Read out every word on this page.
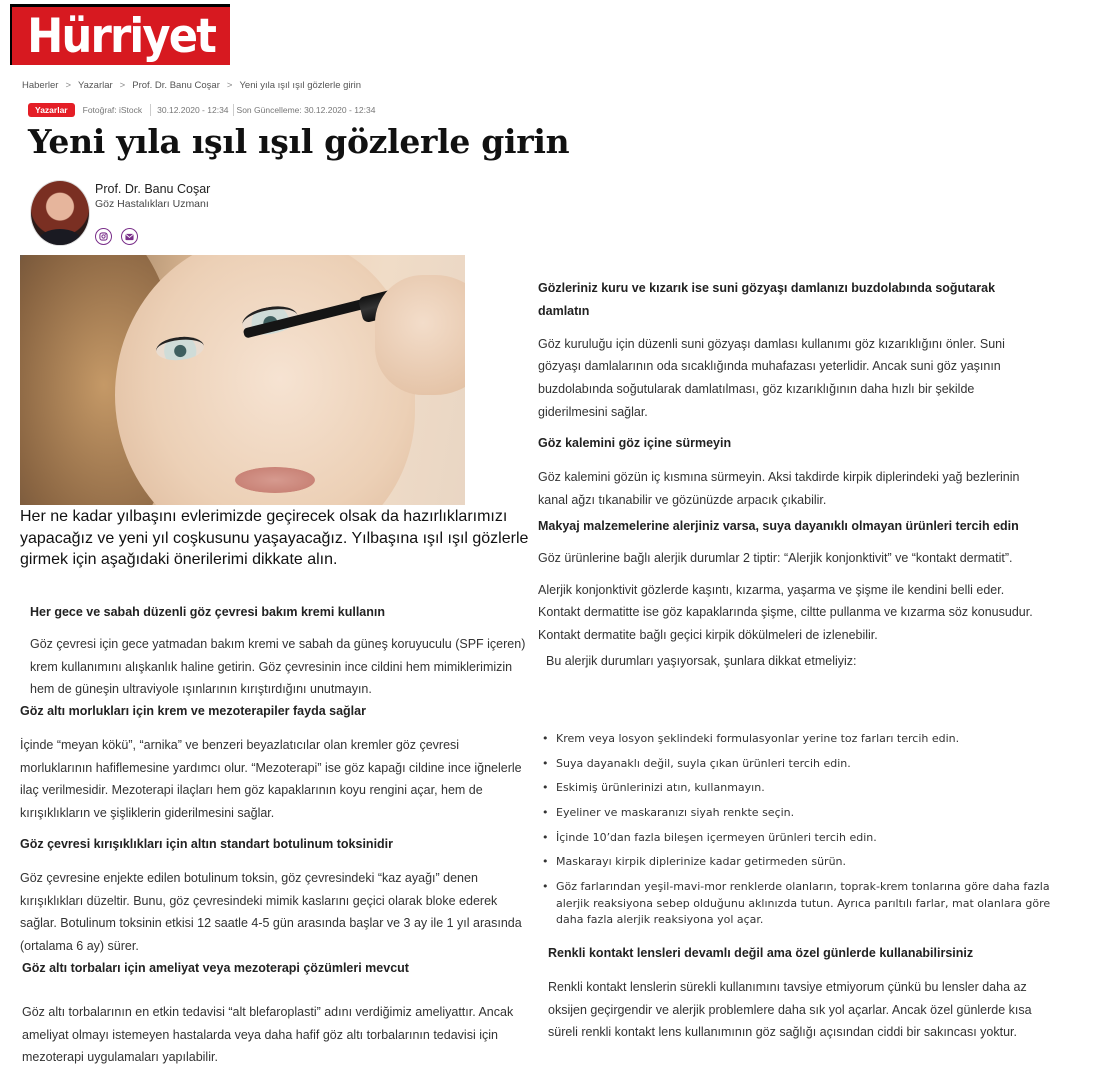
Hürriyet
Haberler > Yazarlar > Prof. Dr. Banu Coşar > Yeni yıla ışıl ışıl gözlerle girin
Yazarlar	Fotoğraf: iStock 30.12.2020 - 12:34 Son Güncelleme: 30.12.2020 - 12:34
Yeni yıla ışıl ışıl gözlerle girin
Prof. Dr. Banu Coşar
Göz Hastalıkları Uzmanı

Her ne kadar yılbaşını evlerimizde geçirecek olsak da hazırlıklarımızı yapacağız ve yeni yıl coşkusunu yaşayacağız. Yılbaşına ışıl ışıl gözlerle girmek için aşağıdaki önerilerimi dikkate alın.

Her gece ve sabah düzenli göz çevresi bakım kremi kullanın

Göz çevresi için gece yatmadan bakım kremi ve sabah da güneş koruyuculu (SPF içeren) krem kullanımını alışkanlık haline getirin. Göz çevresinin ince cildini hem mimiklerimizin hem de güneşin ultraviyole ışınlarının kırıştırdığını unutmayın.

Göz altı morlukları için krem ve mezoterapiler fayda sağlar

İçinde “meyan kökü”, “arnika” ve benzeri beyazlatıcılar olan kremler göz çevresi morluklarının hafiflemesine yardımcı olur. “Mezoterapi” ise göz kapağı cildine ince iğnelerle ilaç verilmesidir. Mezoterapi ilaçları hem göz kapaklarının koyu rengini açar, hem de kırışıklıkların ve şişliklerin giderilmesini sağlar.

Göz çevresi kırışıklıkları için altın standart botulinum toksinidir

Göz çevresine enjekte edilen botulinum toksin, göz çevresindeki “kaz ayağı” denen kırışıklıkları düzeltir. Bunu, göz çevresindeki mimik kaslarını geçici olarak bloke ederek sağlar. Botulinum toksinin etkisi 12 saatle 4-5 gün arasında başlar ve 3 ay ile 1 yıl arasında (ortalama 6 ay) sürer.

Göz altı torbaları için ameliyat veya mezoterapi çözümleri mevcut

Göz altı torbalarının en etkin tedavisi “alt blefaroplasti” adını verdiğimiz ameliyattır. Ancak ameliyat olmayı istemeyen hastalarda veya daha hafif göz altı torbalarının tedavisi için mezoterapi uygulamaları yapılabilir.

Gözleriniz kuru ve kızarık ise suni gözyaşı damlanızı buzdolabında soğutarak damlatın

Göz kuruluğu için düzenli suni gözyaşı damlası kullanımı göz kızarıklığını önler. Suni gözyaşı damlalarının oda sıcaklığında muhafazası yeterlidir. Ancak suni göz yaşının buzdolabında soğutularak damlatılması, göz kızarıklığının daha hızlı bir şekilde giderilmesini sağlar.

Göz kalemini göz içine sürmeyin

Göz kalemini gözün iç kısmına sürmeyin. Aksi takdirde kirpik diplerindeki yağ bezlerinin kanal ağzı tıkanabilir ve gözünüzde arpacık çıkabilir.

Makyaj malzemelerine alerjiniz varsa, suya dayanıklı olmayan ürünleri tercih edin

Göz ürünlerine bağlı alerjik durumlar 2 tiptir: “Alerjik konjonktivit” ve “kontakt dermatit”.

Alerjik konjonktivit gözlerde kaşıntı, kızarma, yaşarma ve şişme ile kendini belli eder. Kontakt dermatitte ise göz kapaklarında şişme, ciltte pullanma ve kızarma söz konusudur. Kontakt dermatite bağlı geçici kirpik dökülmeleri de izlenebilir.

Bu alerjik durumları yaşıyorsak, şunlara dikkat etmeliyiz:

• Krem veya losyon şeklindeki formulasyonlar yerine toz farları tercih edin.
• Suya dayanaklı değil, suyla çıkan ürünleri tercih edin.
• Eskimiş ürünlerinizi atın, kullanmayın.
• Eyeliner ve maskaranızı siyah renkte seçin.
• İçinde 10’dan fazla bileşen içermeyen ürünleri tercih edin.
• Maskarayı kirpik diplerinize kadar getirmeden sürün.
• Göz farlarından yeşil-mavi-mor renklerde olanların, toprak-krem tonlarına göre daha fazla alerjik reaksiyona sebep olduğunu aklınızda tutun. Ayrıca parıltılı farlar, mat olanlara göre daha fazla alerjik reaksiyona yol açar.
Renkli kontakt lensleri devamlı değil ama özel günlerde kullanabilirsiniz

Renkli kontakt lenslerin sürekli kullanımını tavsiye etmiyorum çünkü bu lensler daha az oksijen geçirgendir ve alerjik problemlere daha sık yol açarlar. Ancak özel günlerde kısa süreli renkli kontakt lens kullanımının göz sağlığı açısından ciddi bir sakıncası yoktur.
